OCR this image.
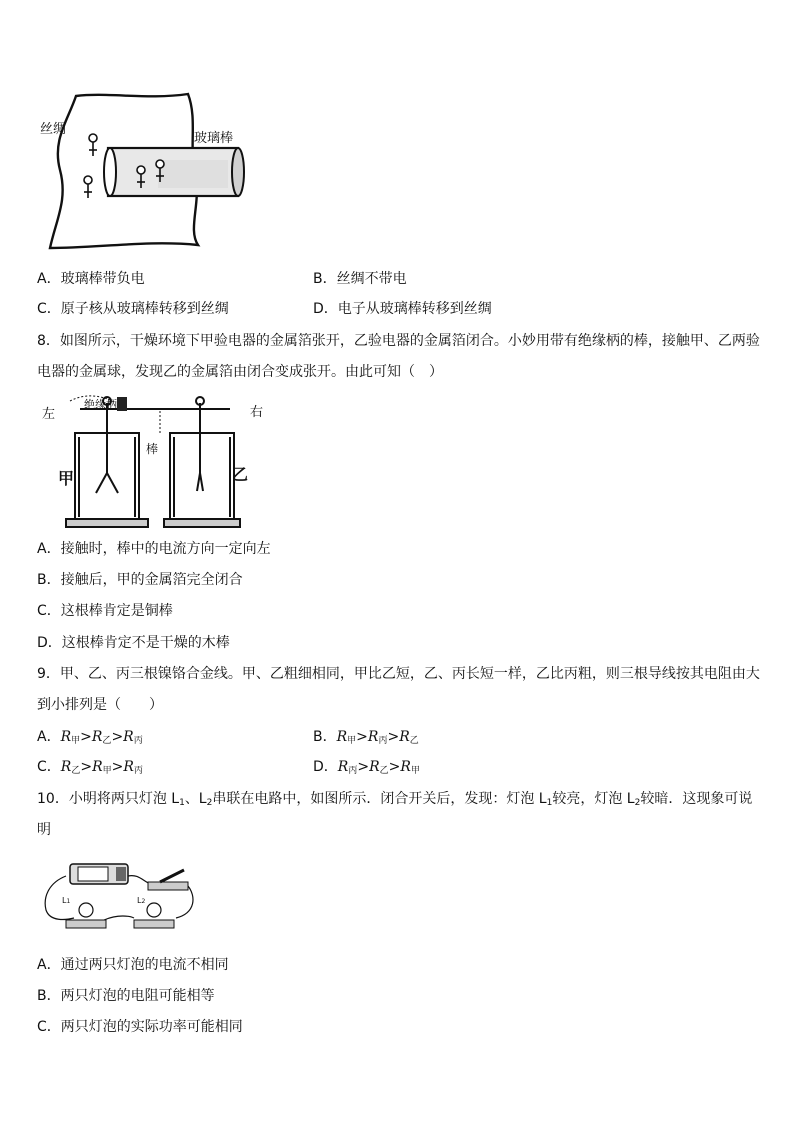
丝绸
玻璃棒
A．玻璃棒带负电	B．丝绸不带电
C．原子核从玻璃棒转移到丝绸	D．电子从玻璃棒转移到丝绸
8．如图所示，干燥环境下甲验电器的金属箔张开，乙验电器的金属箔闭合。小妙用带有绝缘柄的棒，接触甲、乙两验
电器的金属球，发现乙的金属箔由闭合变成张开。由此可知（　）
左	右
绝缘柄
棒
甲	乙
A．接触时，棒中的电流方向一定向左
B．接触后，甲的金属箔完全闭合
C．这根棒肯定是铜棒
D．这根棒肯定不是干燥的木棒
9．甲、乙、丙三根镍铬合金线。甲、乙粗细相同，甲比乙短，乙、丙长短一样，乙比丙粗，则三根导线按其电阻由大
到小排列是（　　）
A．$R_甲>R_乙>R_丙$	B．$R_甲>R_丙>R_乙$
C．$R_乙>R_甲>R_丙$	D．$R_丙>R_乙>R_甲$
10．小明将两只灯泡 $L_1$、$L_2$串联在电路中，如图所示．闭合开关后，发现：灯泡 $L_1$较亮，灯泡 $L_2$较暗．这现象可说
明
L1	L2
A．通过两只灯泡的电流不相同
B．两只灯泡的电阻可能相等
C．两只灯泡的实际功率可能相同
